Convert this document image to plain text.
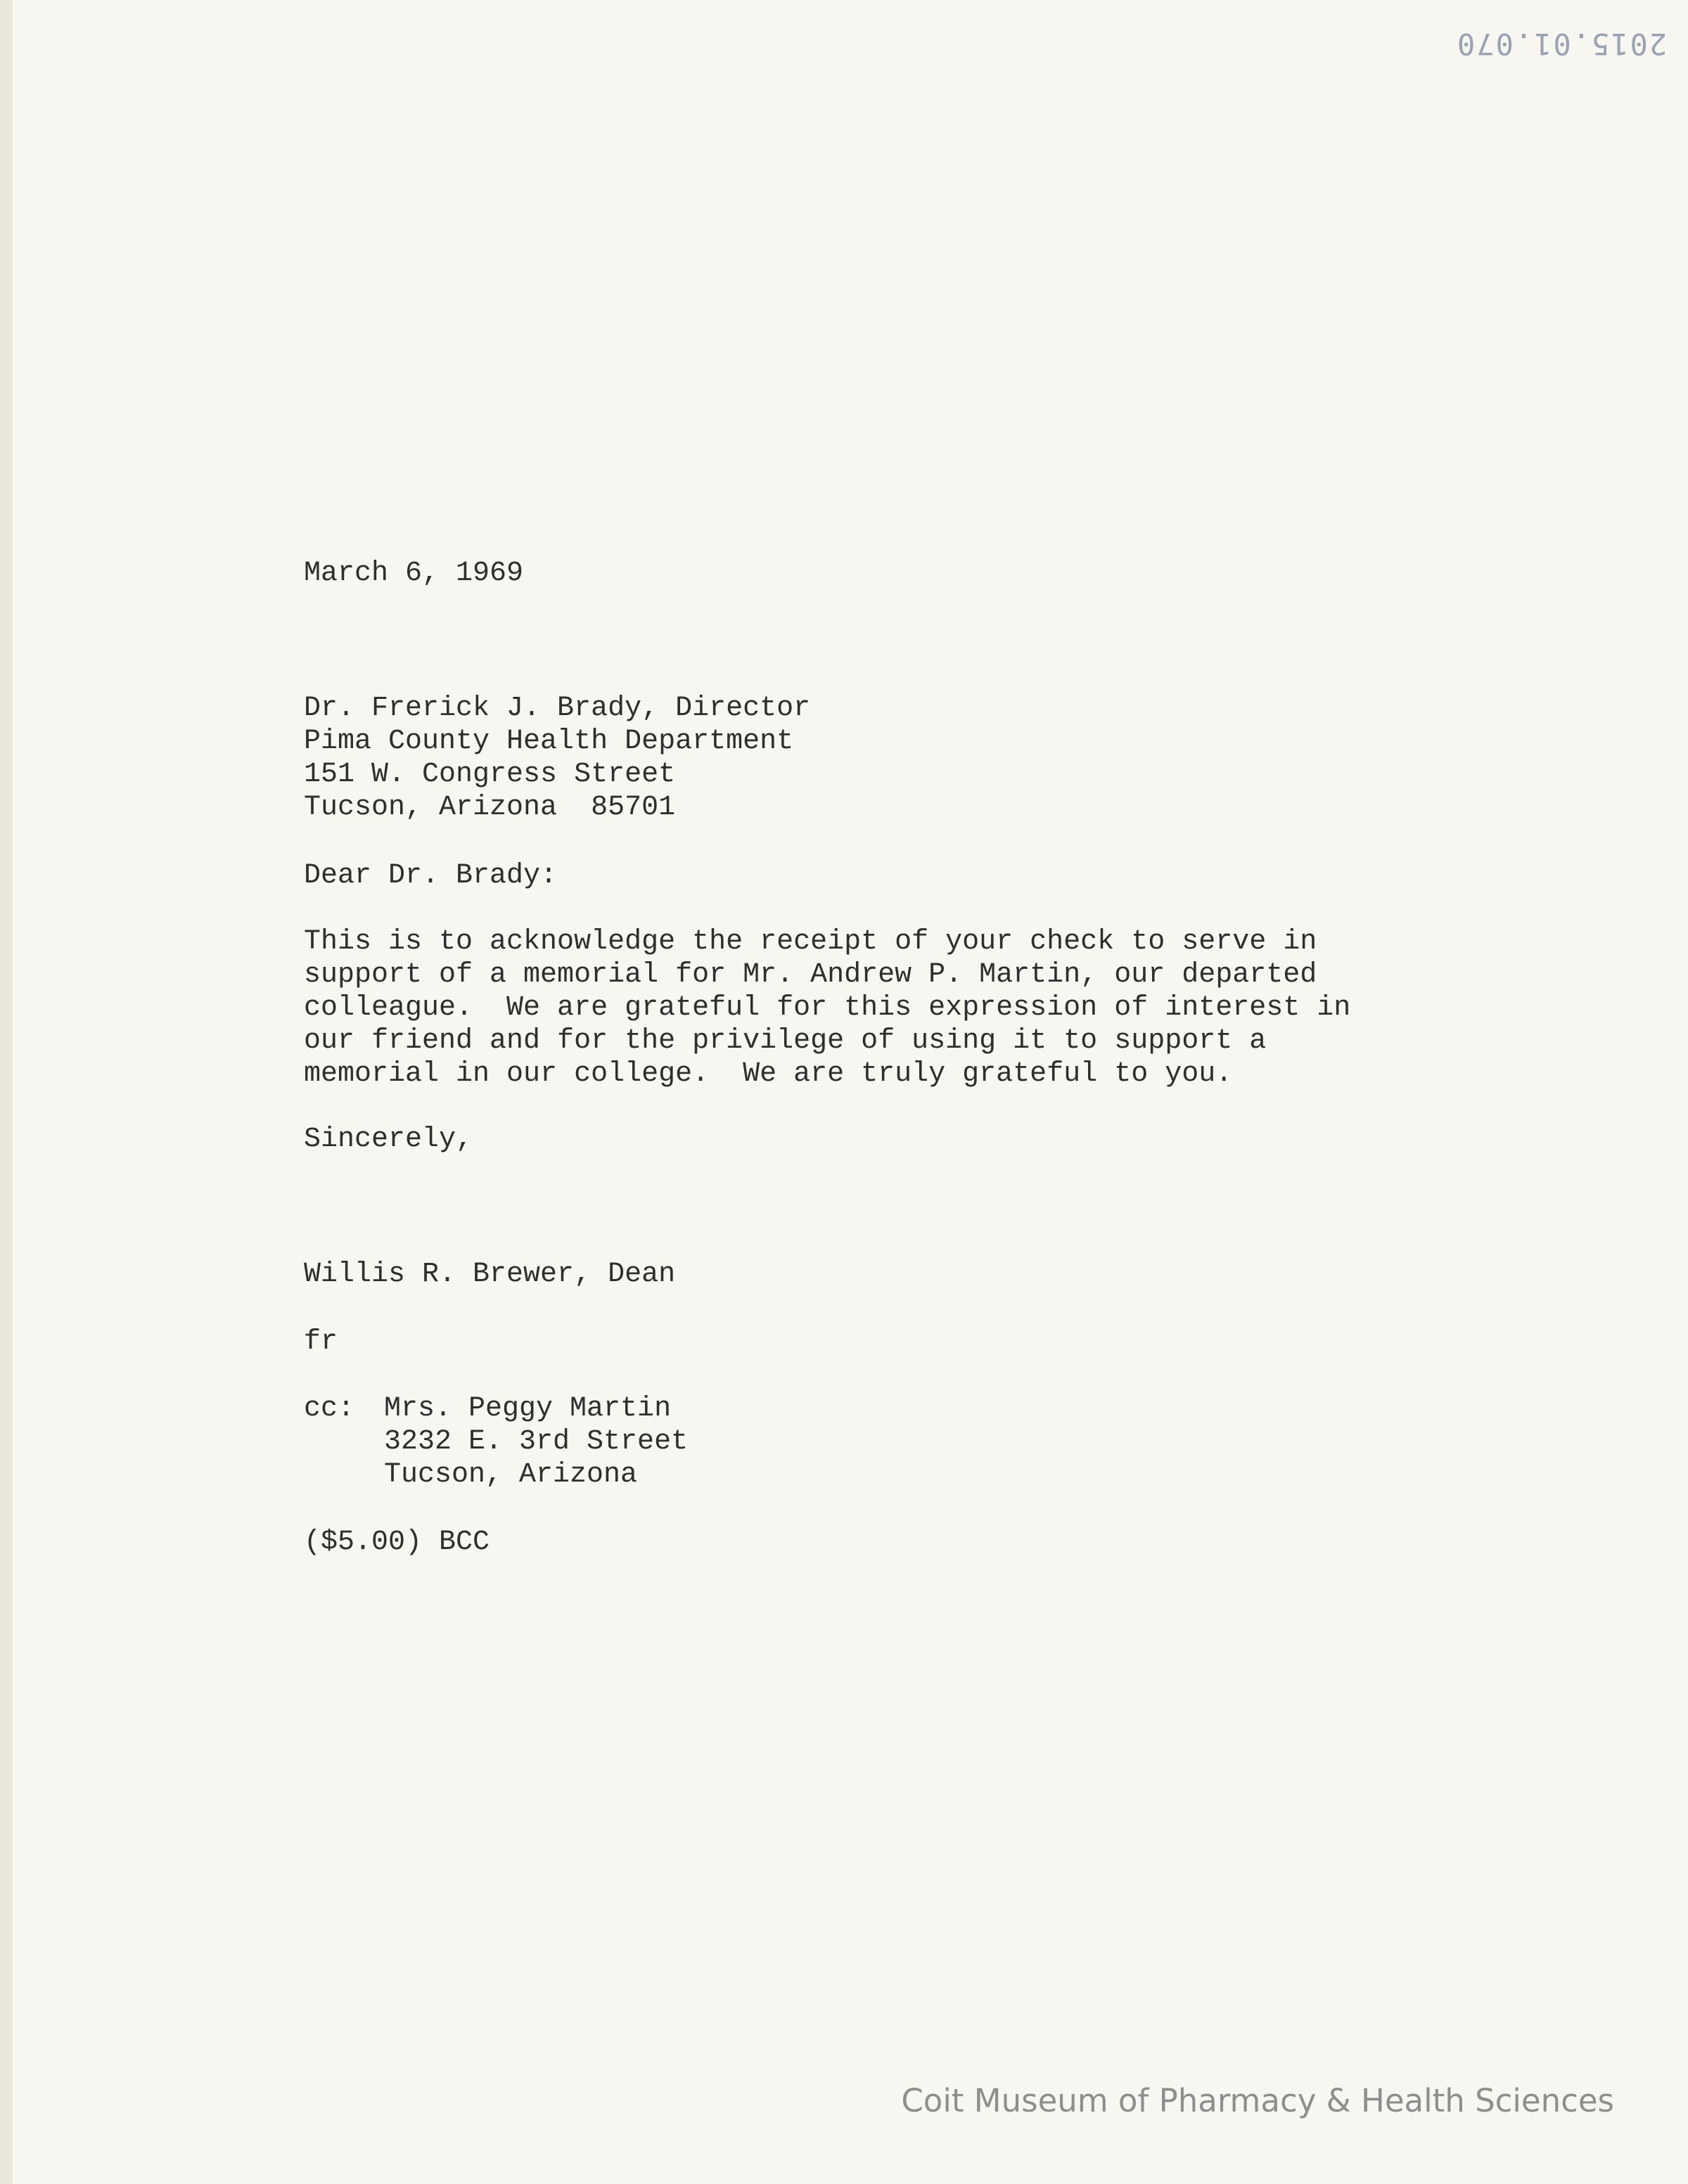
2015.01.070
March 6, 1969
Dr. Frerick J. Brady, Director
Pima County Health Department
151 W. Congress Street
Tucson, Arizona  85701
Dear Dr. Brady:
This is to acknowledge the receipt of your check to serve in
support of a memorial for Mr. Andrew P. Martin, our departed
colleague.  We are grateful for this expression of interest in
our friend and for the privilege of using it to support a
memorial in our college.  We are truly grateful to you.
Sincerely,
Willis R. Brewer, Dean
fr
cc:	Mrs. Peggy Martin
3232 E. 3rd Street
Tucson, Arizona
($5.00) BCC
Coit Museum of Pharmacy & Health Sciences
